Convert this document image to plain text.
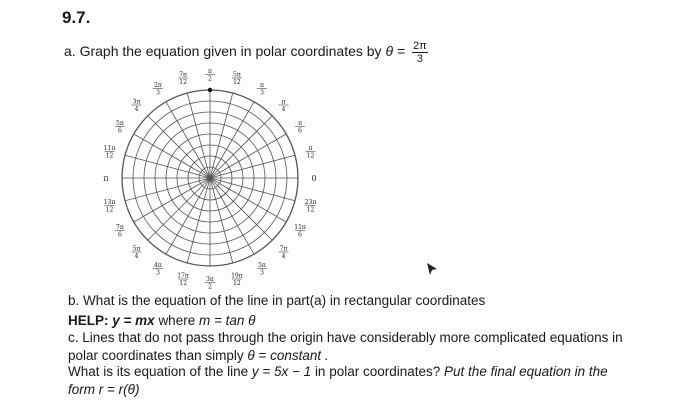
9.7.
a. Graph the equation given in polar coordinates by $\theta = \frac{2\pi}{3}$
0
π
12
π
6
π
4
π
3
5π
12
π
2
7π
12
2π
3
3π
4
5π
6
11π
12
π
13π
12
7π
6
5π
4
4π
3	17π
12
3π
2
19π
12
5π
3
7π
4
11π
6
23π
12
b. What is the equation of the line in part(a) in rectangular coordinates
HELP: y = mx where m = tan θ
c. Lines that do not pass through the origin have considerably more complicated equations in
polar coordinates than simply θ = constant .
What is its equation of the line y = 5x − 1 in polar coordinates? Put the final equation in the
form r = r(θ)
